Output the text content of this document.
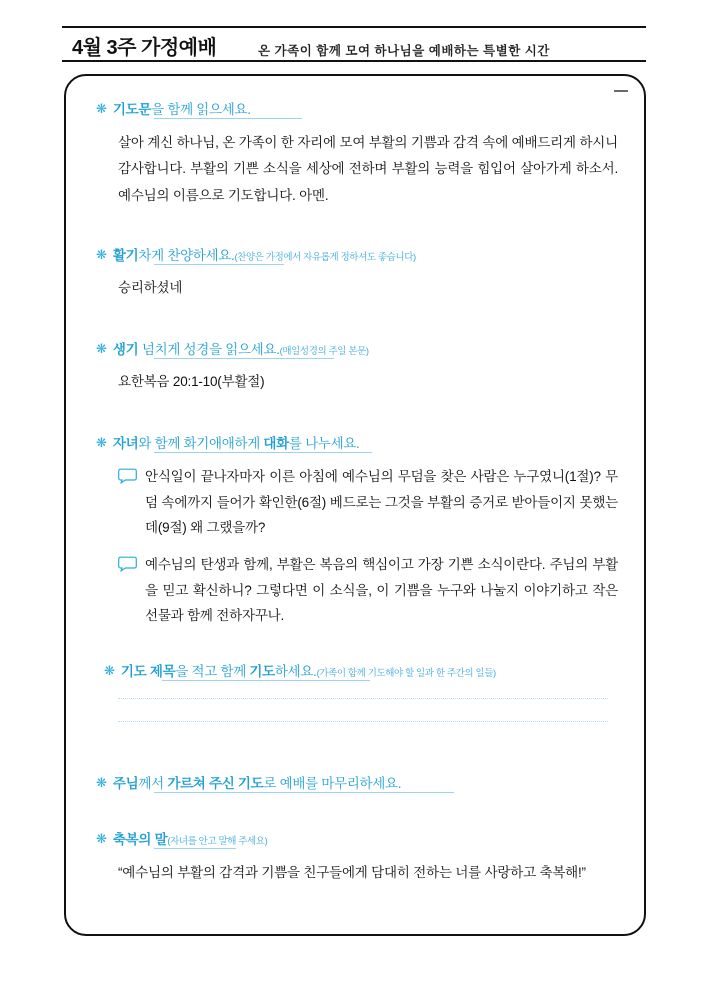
4월 3주 가정예배	온 가족이 함께 모여 하나님을 예배하는 특별한 시간
❋ 기도문을 함께 읽으세요.
살아 계신 하나님, 온 가족이 한 자리에 모여 부활의 기쁨과 감격 속에 예배드리게 하시니 감사합니다. 부활의 기쁜 소식을 세상에 전하며 부활의 능력을 힘입어 살아가게 하소서. 예수님의 이름으로 기도합니다. 아멘.
❋ 활기차게 찬양하세요.(찬양은 가정에서 자유롭게 정하셔도 좋습니다)
승리하셨네
❋ 생기 넘치게 성경을 읽으세요.(매일성경의 주일 본문)
요한복음 20:1-10(부활절)
❋ 자녀와 함께 화기애애하게 대화를 나누세요.
안식일이 끝나자마자 이른 아침에 예수님의 무덤을 찾은 사람은 누구였니(1절)? 무덤 속에까지 들어가 확인한(6절) 베드로는 그것을 부활의 증거로 받아들이지 못했는데(9절) 왜 그랬을까?
예수님의 탄생과 함께, 부활은 복음의 핵심이고 가장 기쁜 소식이란다. 주님의 부활을 믿고 확신하니? 그렇다면 이 소식을, 이 기쁨을 누구와 나눌지 이야기하고 작은 선물과 함께 전하자꾸나.
❋ 기도 제목을 적고 함께 기도하세요.(가족이 함께 기도해야 할 일과 한 주간의 일들)
❋ 주님께서 가르쳐 주신 기도로 예배를 마무리하세요.
❋ 축복의 말(자녀를 안고 말해 주세요)
“예수님의 부활의 감격과 기쁨을 친구들에게 담대히 전하는 너를 사랑하고 축복해!”
